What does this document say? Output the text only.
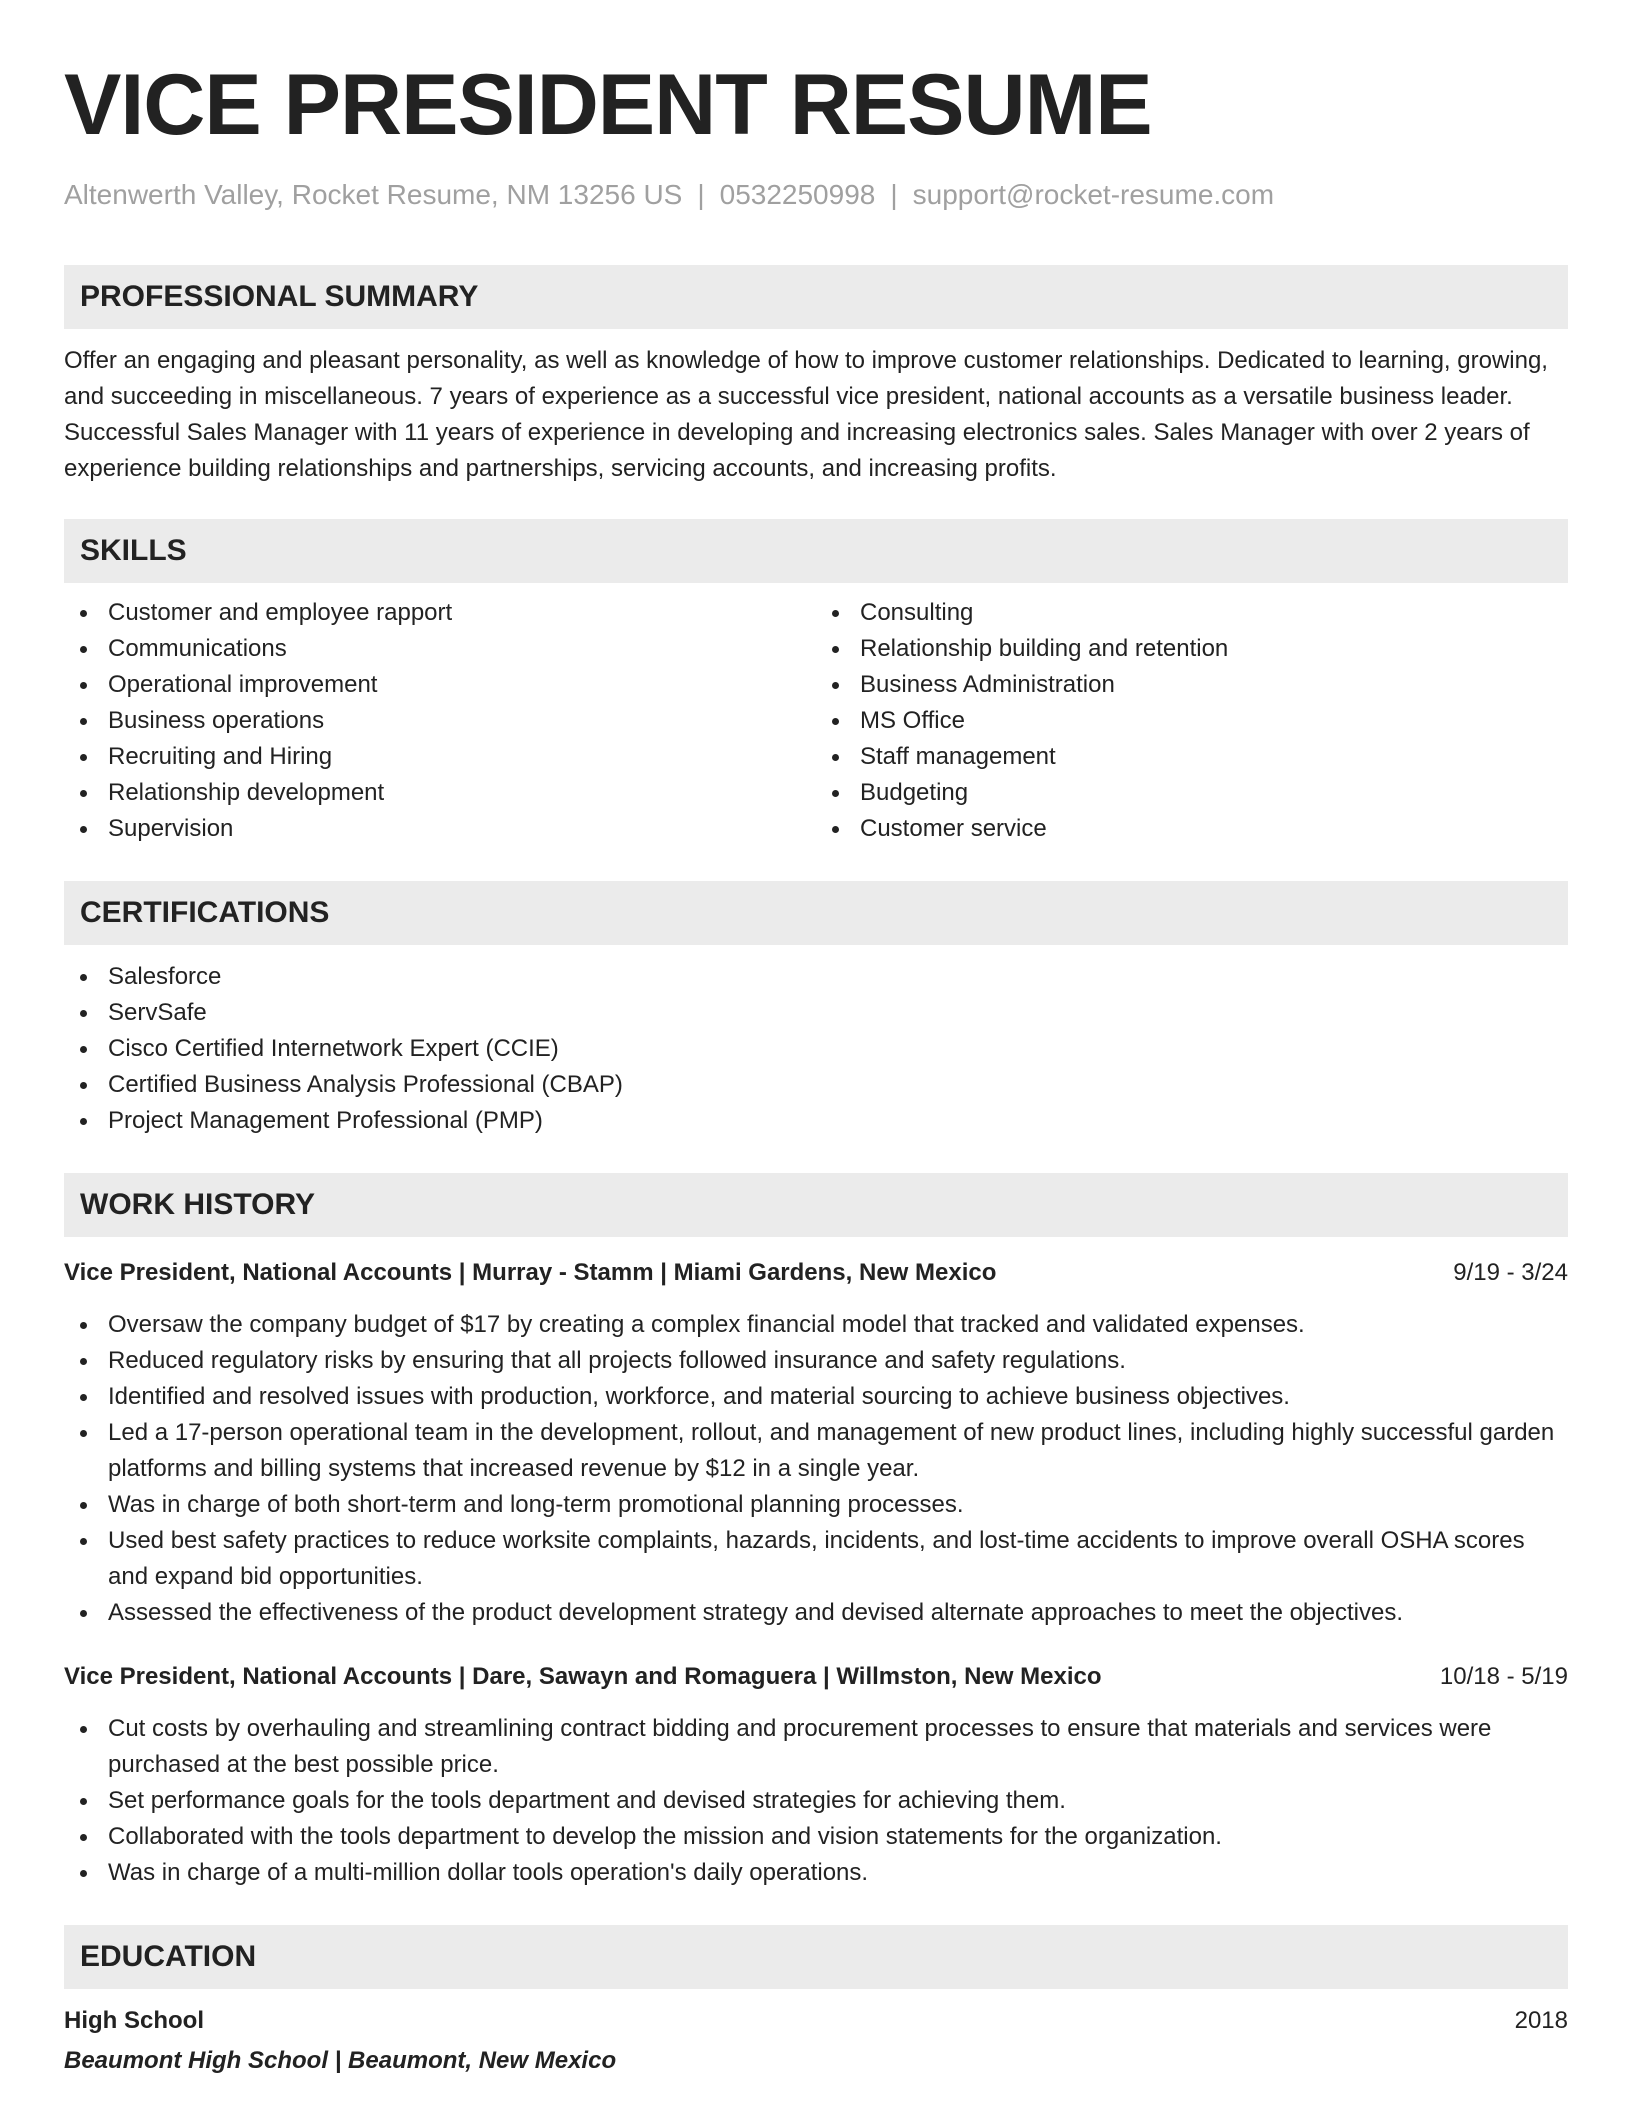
VICE PRESIDENT RESUME
Altenwerth Valley, Rocket Resume, NM 13256 US | 0532250998 | support@rocket-resume.com
PROFESSIONAL SUMMARY
Offer an engaging and pleasant personality, as well as knowledge of how to improve customer relationships. Dedicated to learning, growing, and succeeding in miscellaneous. 7 years of experience as a successful vice president, national accounts as a versatile business leader. Successful Sales Manager with 11 years of experience in developing and increasing electronics sales. Sales Manager with over 2 years of experience building relationships and partnerships, servicing accounts, and increasing profits.
SKILLS
Customer and employee rapport
Communications
Operational improvement
Business operations
Recruiting and Hiring
Relationship development
Supervision
Consulting
Relationship building and retention
Business Administration
MS Office
Staff management
Budgeting
Customer service
CERTIFICATIONS
Salesforce
ServSafe
Cisco Certified Internetwork Expert (CCIE)
Certified Business Analysis Professional (CBAP)
Project Management Professional (PMP)
WORK HISTORY
Vice President, National Accounts | Murray - Stamm | Miami Gardens, New Mexico	9/19 - 3/24
Oversaw the company budget of $17 by creating a complex financial model that tracked and validated expenses.
Reduced regulatory risks by ensuring that all projects followed insurance and safety regulations.
Identified and resolved issues with production, workforce, and material sourcing to achieve business objectives.
Led a 17-person operational team in the development, rollout, and management of new product lines, including highly successful garden platforms and billing systems that increased revenue by $12 in a single year.
Was in charge of both short-term and long-term promotional planning processes.
Used best safety practices to reduce worksite complaints, hazards, incidents, and lost-time accidents to improve overall OSHA scores and expand bid opportunities.
Assessed the effectiveness of the product development strategy and devised alternate approaches to meet the objectives.
Vice President, National Accounts | Dare, Sawayn and Romaguera | Willmston, New Mexico	10/18 - 5/19
Cut costs by overhauling and streamlining contract bidding and procurement processes to ensure that materials and services were purchased at the best possible price.
Set performance goals for the tools department and devised strategies for achieving them.
Collaborated with the tools department to develop the mission and vision statements for the organization.
Was in charge of a multi-million dollar tools operation's daily operations.
EDUCATION
High School	2018
Beaumont High School | Beaumont, New Mexico
